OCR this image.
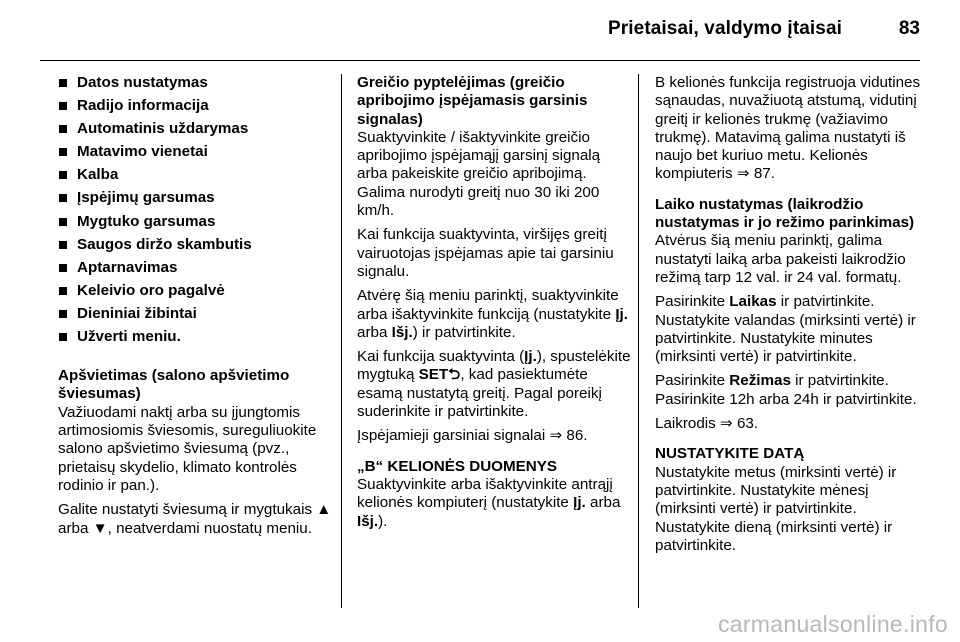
Prietaisai, valdymo įtaisai	83
Datos nustatymas
Radijo informacija
Automatinis uždarymas
Matavimo vienetai
Kalba
Įspėjimų garsumas
Mygtuko garsumas
Saugos diržo skambutis
Aptarnavimas
Keleivio oro pagalvė
Dieniniai žibintai
Užverti meniu.
Apšvietimas (salono apšvietimo šviesumas)

Važiuodami naktį arba su įjungtomis artimosiomis šviesomis, sureguliuokite salono apšvietimo šviesumą (pvz., prietaisų skydelio, klimato kontrolės rodinio ir pan.).

Galite nustatyti šviesumą ir mygtukais ▲ arba ▼, neatverdami nuostatų meniu.

Greičio pyptelėjimas (greičio apribojimo įspėjamasis garsinis signalas)

Suaktyvinkite / išaktyvinkite greičio apribojimo įspėjamąjį garsinį signalą arba pakeiskite greičio apribojimą. Galima nurodyti greitį nuo 30 iki 200 km/h.

Kai funkcija suaktyvinta, viršijęs greitį vairuotojas įspėjamas apie tai garsiniu signalu.

Atvėrę šią meniu parinktį, suaktyvinkite arba išaktyvinkite funkciją (nustatykite Įj. arba Išj.) ir patvirtinkite.

Kai funkcija suaktyvinta (Įj.), spustelėkite mygtuką SET⮌, kad pasiektumėte esamą nustatytą greitį. Pagal poreikį suderinkite ir patvirtinkite.

Įspėjamieji garsiniai signalai ⇒ 86.

„B“ KELIONĖS DUOMENYS

Suaktyvinkite arba išaktyvinkite antrąjį kelionės kompiuterį (nustatykite Įj. arba Išj.).

B kelionės funkcija registruoja vidutines sąnaudas, nuvažiuotą atstumą, vidutinį greitį ir kelionės trukmę (važiavimo trukmę). Matavimą galima nustatyti iš naujo bet kuriuo metu. Kelionės kompiuteris ⇒ 87.

Laiko nustatymas (laikrodžio nustatymas ir jo režimo parinkimas)

Atvėrus šią meniu parinktį, galima nustatyti laiką arba pakeisti laikrodžio režimą tarp 12 val. ir 24 val. formatų.

Pasirinkite Laikas ir patvirtinkite. Nustatykite valandas (mirksinti vertė) ir patvirtinkite. Nustatykite minutes (mirksinti vertė) ir patvirtinkite.

Pasirinkite Režimas ir patvirtinkite. Pasirinkite 12h arba 24h ir patvirtinkite.

Laikrodis ⇒ 63.

NUSTATYKITE DATĄ

Nustatykite metus (mirksinti vertė) ir patvirtinkite. Nustatykite mėnesį (mirksinti vertė) ir patvirtinkite. Nustatykite dieną (mirksinti vertė) ir patvirtinkite.

carmanualsonline.info
